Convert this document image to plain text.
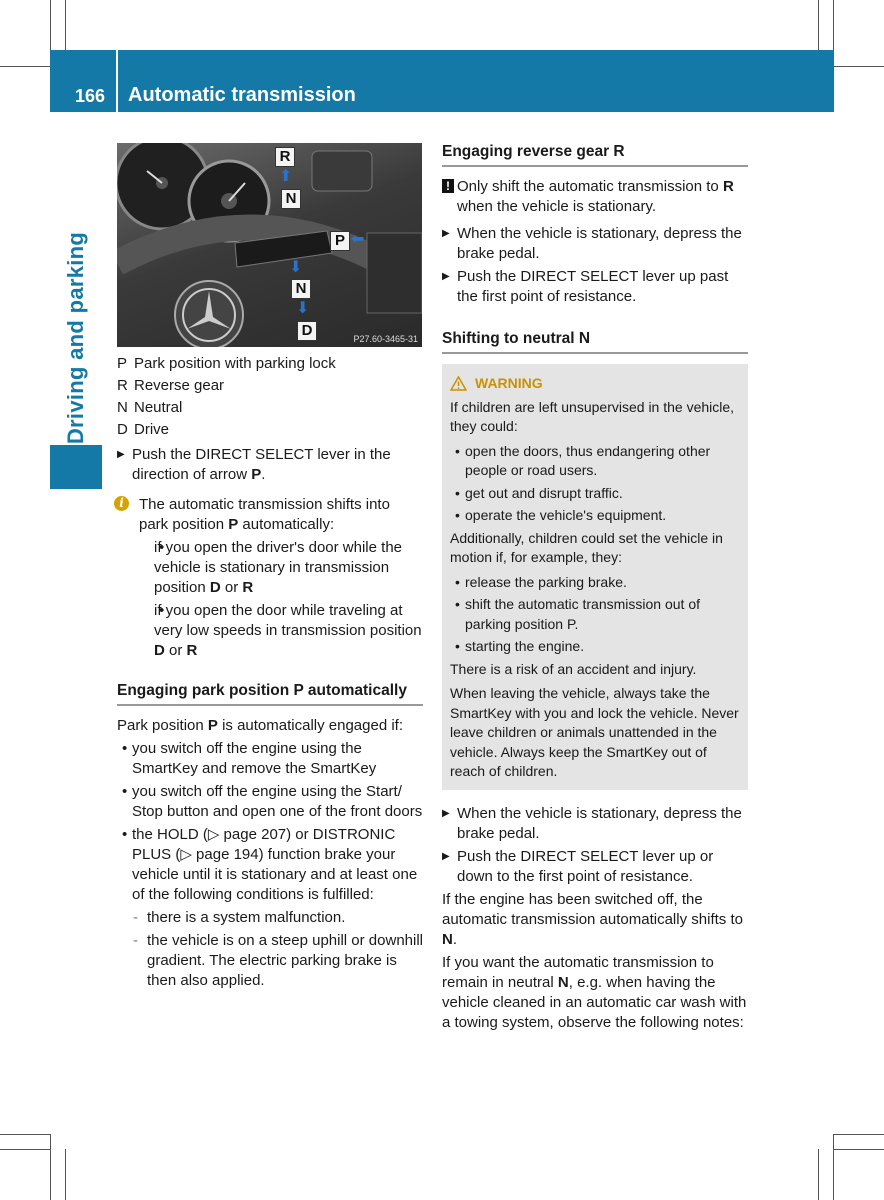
166 Automatic transmission
Driving and parking
R
⬆
N
P ⬅
⬇
N
⬇
D	P27.60-3465-31
P Park position with parking lock
R Reverse gear
N Neutral
D Drive
▶ Push the DIRECT SELECT lever in the direction of arrow P.
i	The automatic transmission shifts into park position P automatically:
• if you open the driver's door while the vehicle is stationary in transmission position D or R
• if you open the door while traveling at very low speeds in transmission position D or R
Engaging park position P automatically
Park position P is automatically engaged if:
• you switch off the engine using the SmartKey and remove the SmartKey
• you switch off the engine using the Start/ Stop button and open one of the front doors
• the HOLD (▷ page 207) or DISTRONIC PLUS (▷ page 194) function brake your vehicle until it is stationary and at least one of the following conditions is fulfilled:
- there is a system malfunction.
- the vehicle is on a steep uphill or downhill gradient. The electric parking brake is then also applied.
Engaging reverse gear R
! Only shift the automatic transmission to R when the vehicle is stationary.
▶ When the vehicle is stationary, depress the brake pedal.
▶ Push the DIRECT SELECT lever up past the first point of resistance.
Shifting to neutral N
WARNING
If children are left unsupervised in the vehicle, they could:
• open the doors, thus endangering other people or road users.
• get out and disrupt traffic.
• operate the vehicle's equipment.
Additionally, children could set the vehicle in motion if, for example, they:
• release the parking brake.
• shift the automatic transmission out of parking position P.
• starting the engine.
There is a risk of an accident and injury.
When leaving the vehicle, always take the SmartKey with you and lock the vehicle. Never leave children or animals unattended in the vehicle. Always keep the SmartKey out of reach of children.
▶ When the vehicle is stationary, depress the brake pedal.
▶ Push the DIRECT SELECT lever up or down to the first point of resistance.
If the engine has been switched off, the automatic transmission automatically shifts to N.
If you want the automatic transmission to remain in neutral N, e.g. when having the vehicle cleaned in an automatic car wash with a towing system, observe the following notes:
